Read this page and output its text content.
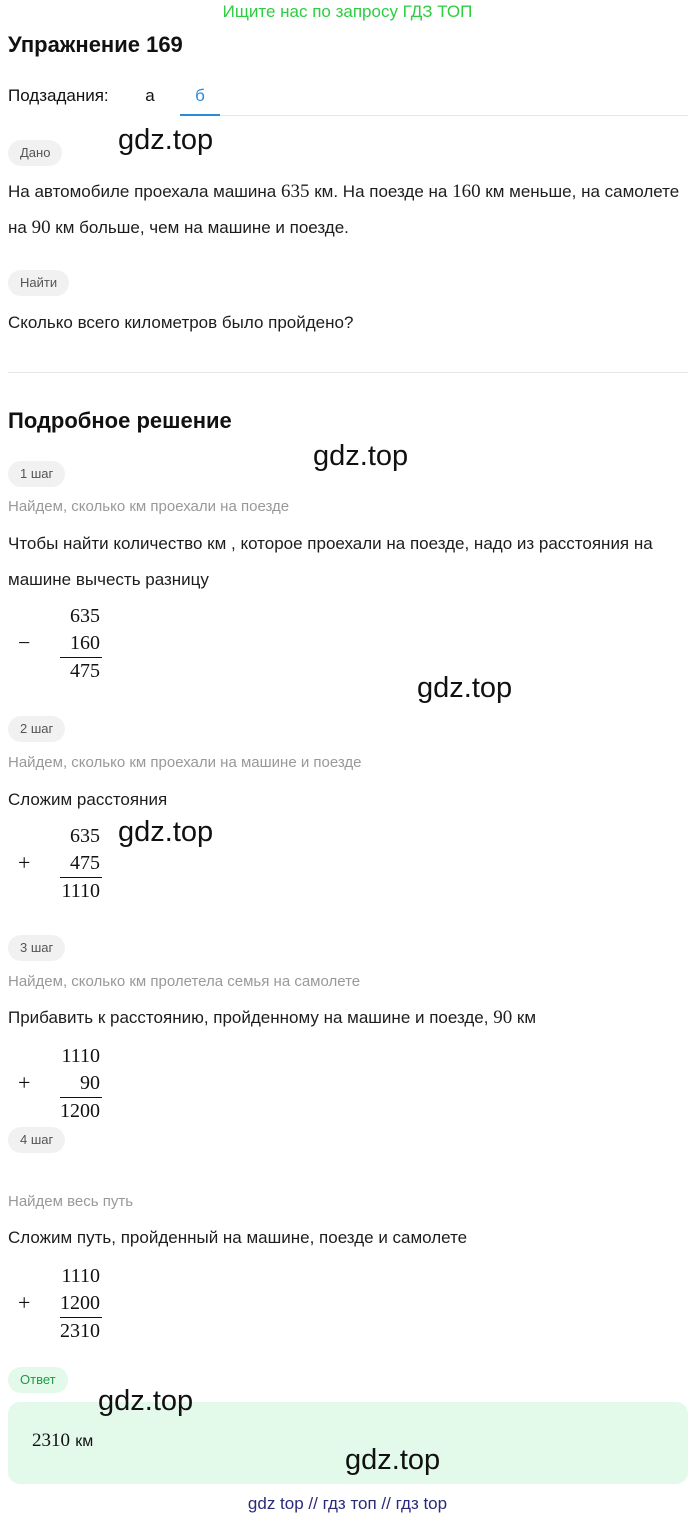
Ищите нас по запросу ГДЗ ТОП
Упражнение 169
Подзадания:	а	б
gdz.top
Дано
На автомобиле проехала машина 635 км. На поезде на 160 км меньше, на самолете на 90 км больше, чем на машине и поезде.
Найти
Сколько всего километров было пройдено?
Подробное решение
gdz.top
1 шаг
Найдем, сколько км проехали на поезде
Чтобы найти количество км , которое проехали на поезде, надо из расстояния на машине вычесть разницу
−
635
160
475
gdz.top
2 шаг
Найдем, сколько км проехали на машине и поезде
Сложим расстояния
+
635
475
1110
gdz.top
3 шаг
Найдем, сколько км пролетела семья на самолете
Прибавить к расстоянию, пройденному на машине и поезде, 90 км
+
1110
90
1200
4 шаг
Найдем весь путь
Сложим путь, пройденный на машине, поезде и самолете
+
1110
1200
2310
Ответ
2310 км
gdz.top
gdz.top
gdz top // гдз топ // гдз top
